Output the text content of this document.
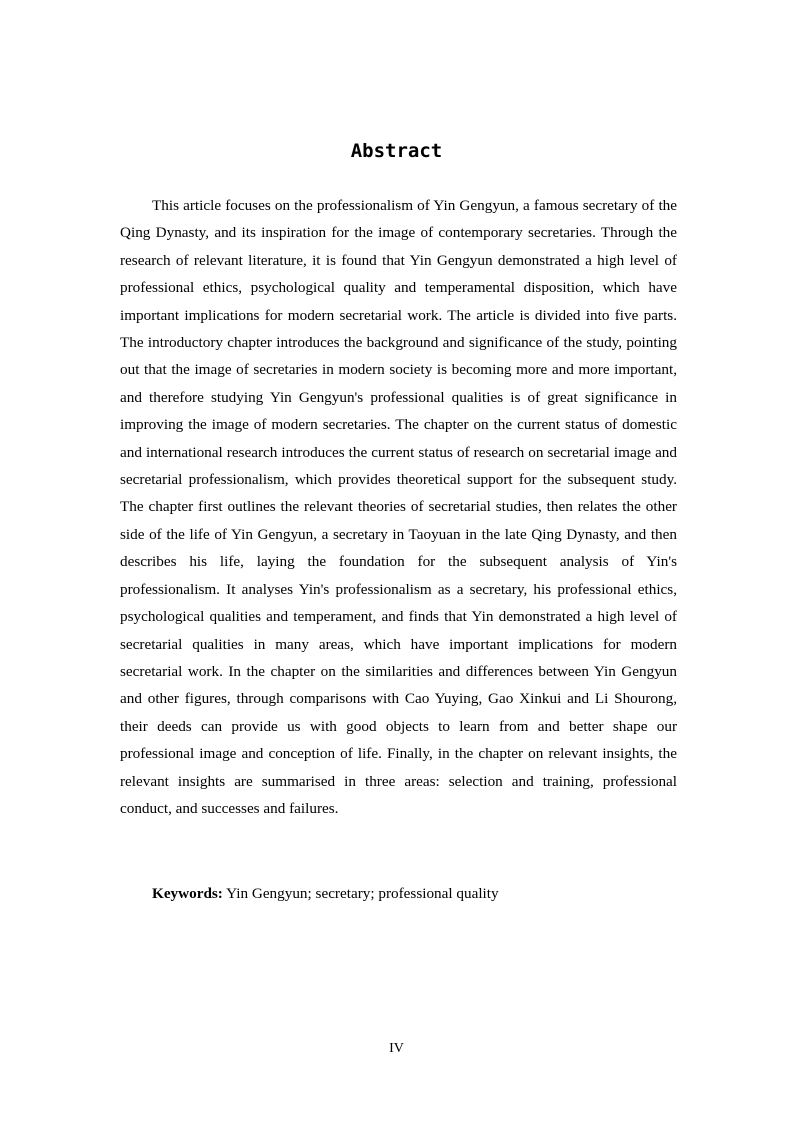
Abstract

This article focuses on the professionalism of Yin Gengyun, a famous secretary of the Qing Dynasty, and its inspiration for the image of contemporary secretaries. Through the research of relevant literature, it is found that Yin Gengyun demonstrated a high level of professional ethics, psychological quality and temperamental disposition, which have important implications for modern secretarial work. The article is divided into five parts. The introductory chapter introduces the background and significance of the study, pointing out that the image of secretaries in modern society is becoming more and more important, and therefore studying Yin Gengyun's professional qualities is of great significance in improving the image of modern secretaries. The chapter on the current status of domestic and international research introduces the current status of research on secretarial image and secretarial professionalism, which provides theoretical support for the subsequent study. The chapter first outlines the relevant theories of secretarial studies, then relates the other side of the life of Yin Gengyun, a secretary in Taoyuan in the late Qing Dynasty, and then describes his life, laying the foundation for the subsequent analysis of Yin's professionalism. It analyses Yin's professionalism as a secretary, his professional ethics, psychological qualities and temperament, and finds that Yin demonstrated a high level of secretarial qualities in many areas, which have important implications for modern secretarial work. In the chapter on the similarities and differences between Yin Gengyun and other figures, through comparisons with Cao Yuying, Gao Xinkui and Li Shourong, their deeds can provide us with good objects to learn from and better shape our professional image and conception of life. Finally, in the chapter on relevant insights, the relevant insights are summarised in three areas: selection and training, professional conduct, and successes and failures.

Keywords: Yin Gengyun; secretary; professional quality

IV
